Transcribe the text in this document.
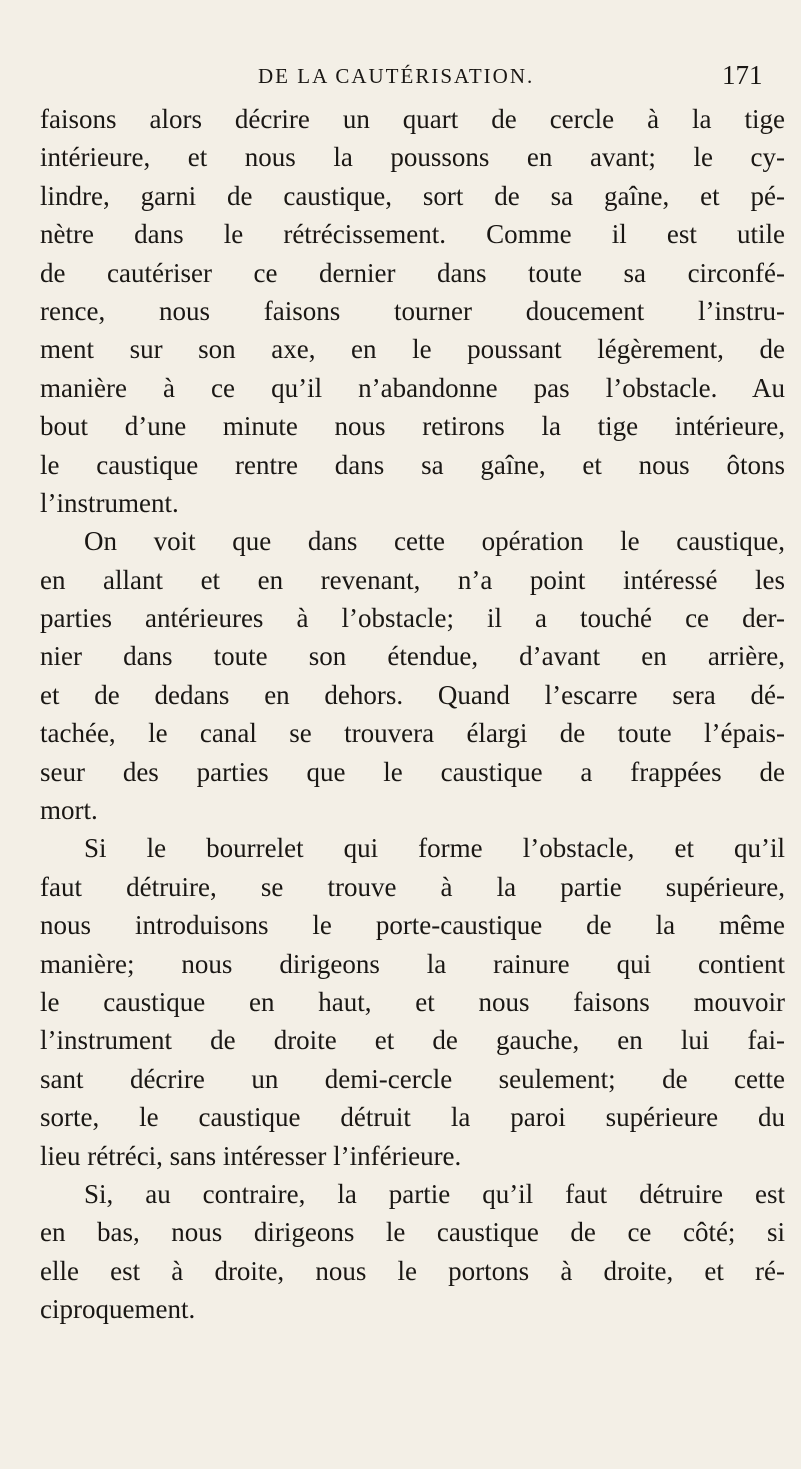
DE LA CAUTÉRISATION.	171
faisons alors décrire un quart de cercle à la tige
intérieure, et nous la poussons en avant; le cy-
lindre, garni de caustique, sort de sa gaîne, et pé-
nètre dans le rétrécissement. Comme il est utile
de cautériser ce dernier dans toute sa circonfé-
rence, nous faisons tourner doucement l’instru-
ment sur son axe, en le poussant légèrement, de
manière à ce qu’il n’abandonne pas l’obstacle. Au
bout d’une minute nous retirons la tige intérieure,
le caustique rentre dans sa gaîne, et nous ôtons
l’instrument.
On voit que dans cette opération le caustique,
en allant et en revenant, n’a point intéressé les
parties antérieures à l’obstacle; il a touché ce der-
nier dans toute son étendue, d’avant en arrière,
et de dedans en dehors. Quand l’escarre sera dé-
tachée, le canal se trouvera élargi de toute l’épais-
seur des parties que le caustique a frappées de
mort.
Si le bourrelet qui forme l’obstacle, et qu’il
faut détruire, se trouve à la partie supérieure,
nous introduisons le porte-caustique de la même
manière; nous dirigeons la rainure qui contient
le caustique en haut, et nous faisons mouvoir
l’instrument de droite et de gauche, en lui fai-
sant décrire un demi-cercle seulement; de cette
sorte, le caustique détruit la paroi supérieure du
lieu rétréci, sans intéresser l’inférieure.
Si, au contraire, la partie qu’il faut détruire est
en bas, nous dirigeons le caustique de ce côté; si
elle est à droite, nous le portons à droite, et ré-
ciproquement.
